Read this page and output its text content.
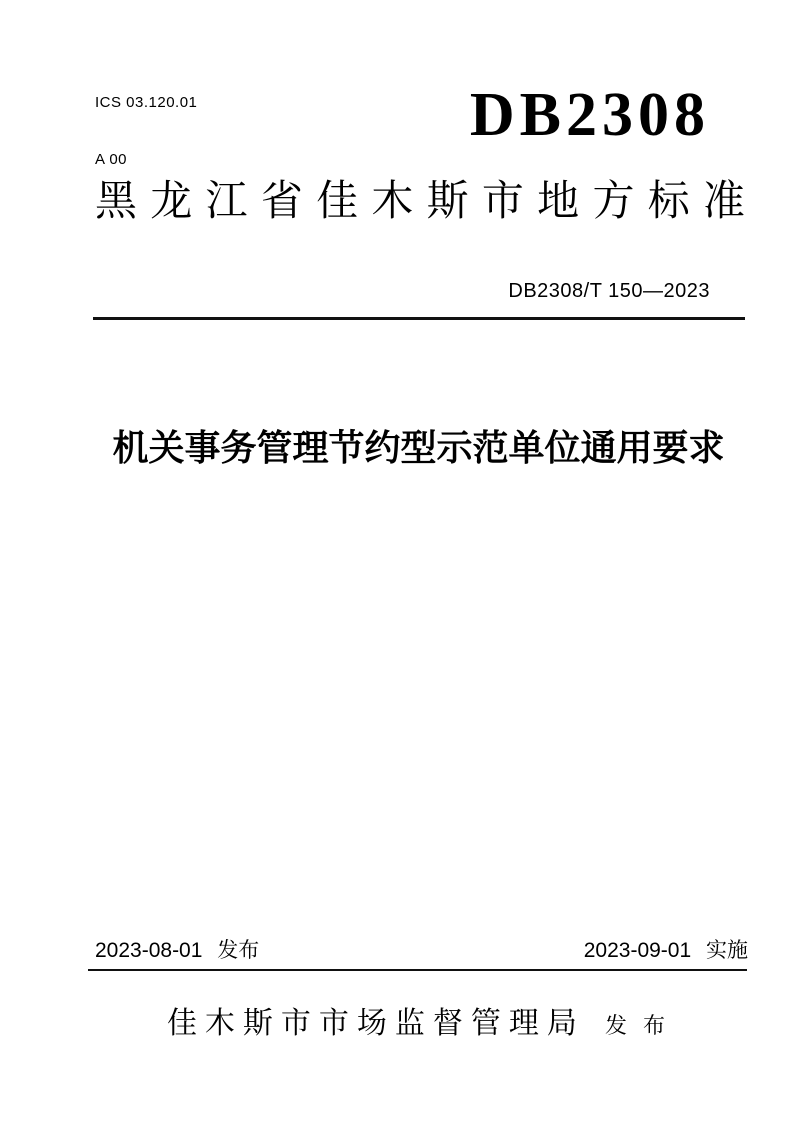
ICS 03.120.01

A 00

DB2308
黑 龙 江 省 佳 木 斯 市 地 方 标 准
DB2308/T 150—2023
机关事务管理节约型示范单位通用要求
2023-08-01 发布	2023-09-01 实施
佳木斯市市场监督管理局 发 布
